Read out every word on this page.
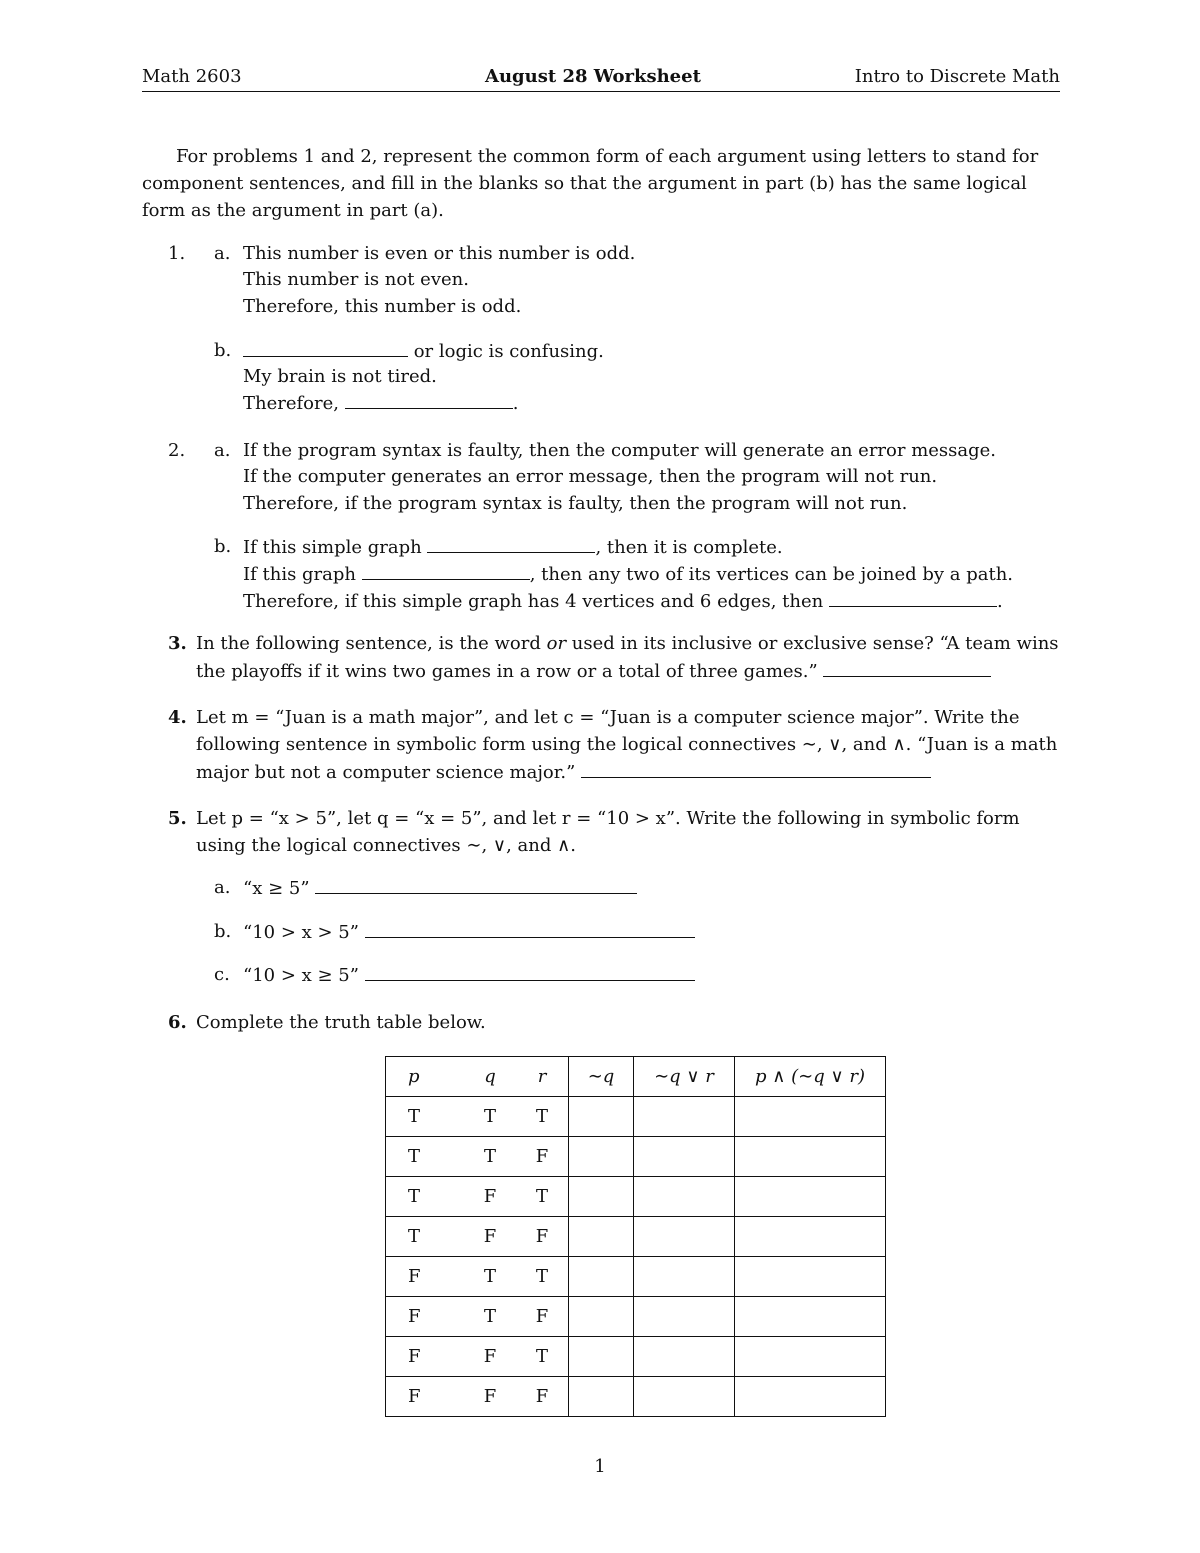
Math 2603	August 28 Worksheet	Intro to Discrete Math
For problems 1 and 2, represent the common form of each argument using letters to stand for component sentences, and fill in the blanks so that the argument in part (b) has the same logical form as the argument in part (a).
1. a. This number is even or this number is odd.
This number is not even.
Therefore, this number is odd.
b.	or logic is confusing.
My brain is not tired.
Therefore,	.
2. a. If the program syntax is faulty, then the computer will generate an error message.
If the computer generates an error message, then the program will not run.
Therefore, if the program syntax is faulty, then the program will not run.
b. If this simple graph	, then it is complete.
If this graph	, then any two of its vertices can be joined by a path.
Therefore, if this simple graph has 4 vertices and 6 edges, then	.
3. In the following sentence, is the word or used in its inclusive or exclusive sense? “A team wins
the playoffs if it wins two games in a row or a total of three games.”
4. Let m = “Juan is a math major”, and let c = “Juan is a computer science major”. Write the
following sentence in symbolic form using the logical connectives ∼, ∨, and ∧. “Juan is a math
major but not a computer science major.”
5. Let p = “x > 5”, let q = “x = 5”, and let r = “10 > x”. Write the following in symbolic form
using the logical connectives ∼, ∨, and ∧.
a. “x ≥ 5”
b. “10 > x > 5”
c. “10 > x ≥ 5”
6. Complete the truth table below.
p	q	r	∼q	∼q ∨ r	p ∧ (∼q ∨ r)
T	T	T			
T	T	F			
T	F	T			
T	F	F			
F	T	T			
F	T	F			
F	F	T			
F	F	F			
1
